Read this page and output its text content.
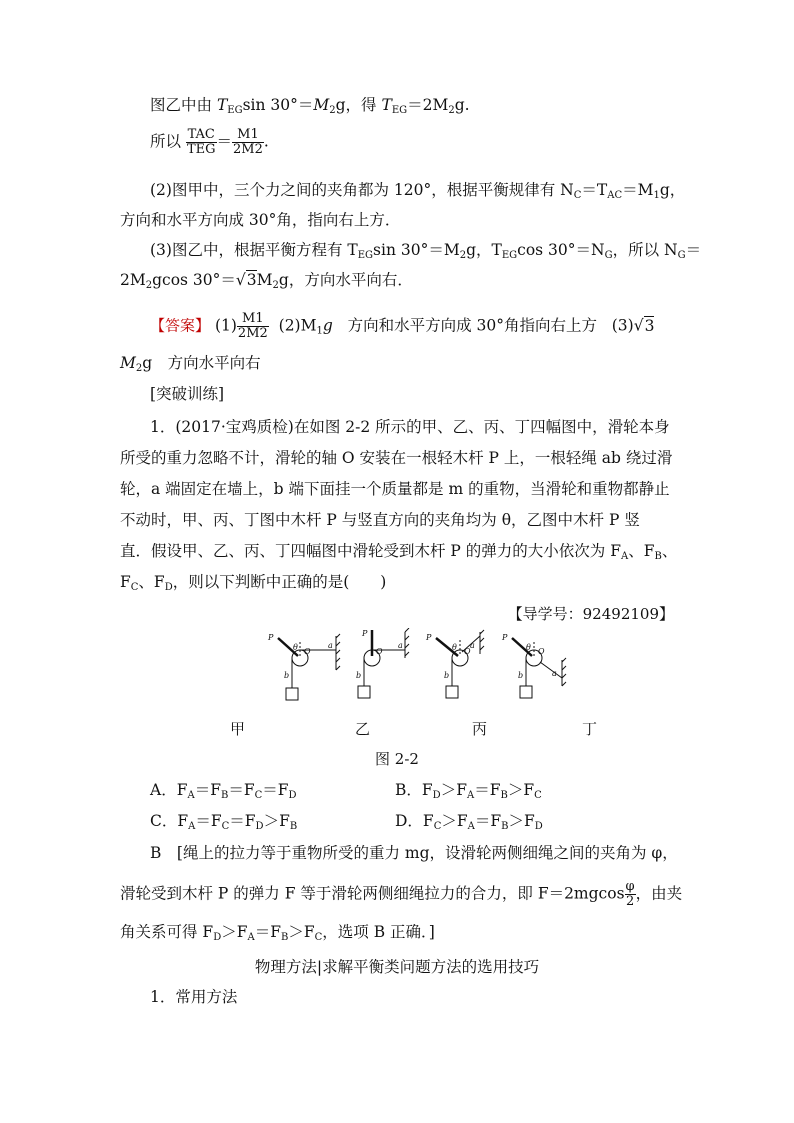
图乙中由 $T_{EG}\sin$ $30^\circ=M_2g$，得 $T_{EG}=2M_2g$.
所以 $\frac{\text{TAC}}{\text{TEG}} = \frac{M1}{2M2}$ .
(2)图甲中，三个力之间的夹角都为 120°，根据平衡规律有 $N_C=T_{AC}=M_1g$，
方向和水平方向成 30°角，指向右上方．
(3)图乙中，根据平衡方程有 $T_{EG}\sin$ $30^\circ=M_2g$，$T_{EG}\cos$ $30^\circ=N_G$，所以 $N_G=$
$2M_2gcos$ $30^\circ=√3M_2g$，方向水平向右．
【答案】 $(1) \frac{M1}{2M2} (2)M_1g$ 方向和水平方向成 30°角指向右上方 (3)√3
$M_2g$　方向水平向右
[突破训练]
1．(2017·宝鸡质检)在如图 2-2 所示的甲、乙、丙、丁四幅图中，滑轮本身
所受的重力忽略不计，滑轮的轴 O 安装在一根轻木杆 P 上，一根轻绳 ab 绕过滑
轮，a 端固定在墙上，b 端下面挂一个质量都是 m 的重物，当滑轮和重物都静止
不动时，甲、丙、丁图中木杆 P 与竖直方向的夹角均为 θ，乙图中木杆 P 竖
直．假设甲、乙、丙、丁四幅图中滑轮受到木杆 P 的弹力的大小依次为 $F_A$、$F_B$、
$F_C$、$F_D$，则以下判断中正确的是(　　)
【导学号：92492109】
P
a
b
θ O
P
a
b
O
P
a
b
θ O
P
a
b
θ O
甲	乙	丙	丁
图 2-2
A．$F_A=F_B=F_C=F_D$	B．$F_D>F_A=F_B>F_C$
C．$F_A=F_C=F_D>F_B$	D．$F_C>F_A=F_B>F_D$
B　[绳上的拉力等于重物所受的重力 mg，设滑轮两侧细绳之间的夹角为 φ，
滑轮受到木杆 P 的弹力 F 等于滑轮两侧细绳拉力的合力，即 $F=2mgcos \frac{\varphi}{2}$ ，由夹
角关系可得 $F_D>F_A=F_B>F_C$，选项 B 正确．]
物理方法|求解平衡类问题方法的选用技巧
1．常用方法
